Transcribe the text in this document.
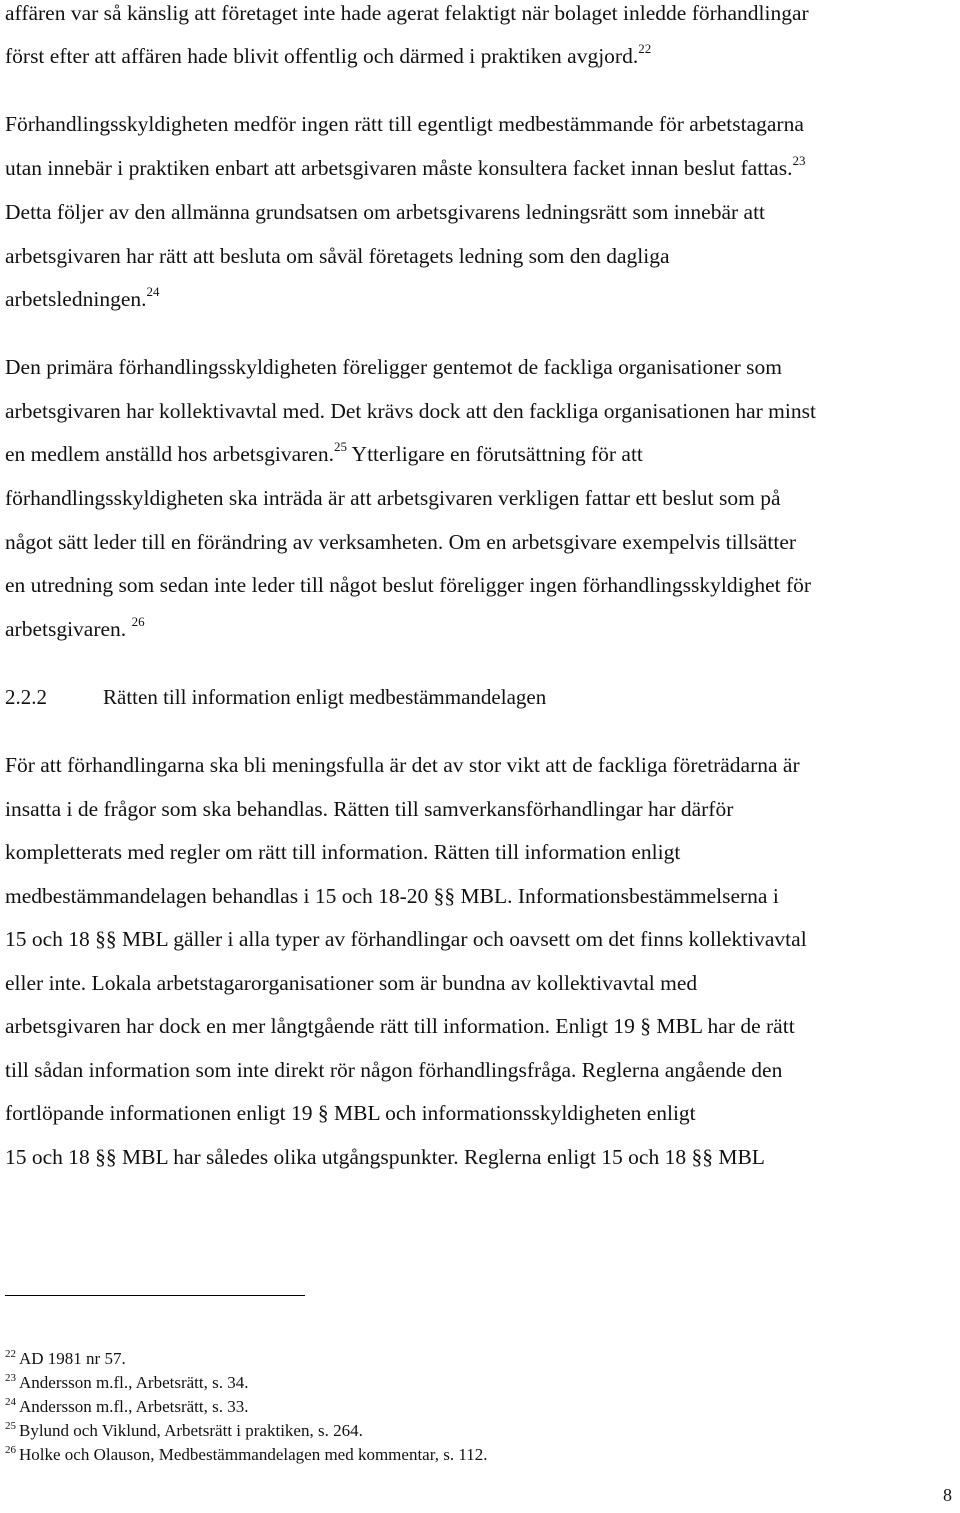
affären var så känslig att företaget inte hade agerat felaktigt när bolaget inledde förhandlingar
först efter att affären hade blivit offentlig och därmed i praktiken avgjord.$^{22}$
Förhandlingsskyldigheten medför ingen rätt till egentligt medbestämmande för arbetstagarna
utan innebär i praktiken enbart att arbetsgivaren måste konsultera facket innan beslut fattas.$^{23}$
Detta följer av den allmänna grundsatsen om arbetsgivarens ledningsrätt som innebär att
arbetsgivaren har rätt att besluta om såväl företagets ledning som den dagliga
arbetsledningen.$^{24}$
Den primära förhandlingsskyldigheten föreligger gentemot de fackliga organisationer som
arbetsgivaren har kollektivavtal med. Det krävs dock att den fackliga organisationen har minst
en medlem anställd hos arbetsgivaren.$^{25}$ Ytterligare en förutsättning för att
förhandlingsskyldigheten ska inträda är att arbetsgivaren verkligen fattar ett beslut som på
något sätt leder till en förändring av verksamheten. Om en arbetsgivare exempelvis tillsätter
en utredning som sedan inte leder till något beslut föreligger ingen förhandlingsskyldighet för
arbetsgivaren. $^{26}$
2.2.2	Rätten till information enligt medbestämmandelagen
För att förhandlingarna ska bli meningsfulla är det av stor vikt att de fackliga företrädarna är
insatta i de frågor som ska behandlas. Rätten till samverkansförhandlingar har därför
kompletterats med regler om rätt till information. Rätten till information enligt
medbestämmandelagen behandlas i 15 och 18-20 §§ MBL. Informationsbestämmelserna i
15 och 18 §§ MBL gäller i alla typer av förhandlingar och oavsett om det finns kollektivavtal
eller inte. Lokala arbetstagarorganisationer som är bundna av kollektivavtal med
arbetsgivaren har dock en mer långtgående rätt till information. Enligt 19 § MBL har de rätt
till sådan information som inte direkt rör någon förhandlingsfråga. Reglerna angående den
fortlöpande informationen enligt 19 § MBL och informationsskyldigheten enligt
15 och 18 §§ MBL har således olika utgångspunkter. Reglerna enligt 15 och 18 §§ MBL
$^{22}$ AD 1981 nr 57.
$^{23}$ Andersson m.fl., Arbetsrätt, s. 34.
$^{24}$ Andersson m.fl., Arbetsrätt, s. 33.
$^{25}$ Bylund och Viklund, Arbetsrätt i praktiken, s. 264.
$^{26}$ Holke och Olauson, Medbestämmandelagen med kommentar, s. 112.
8
